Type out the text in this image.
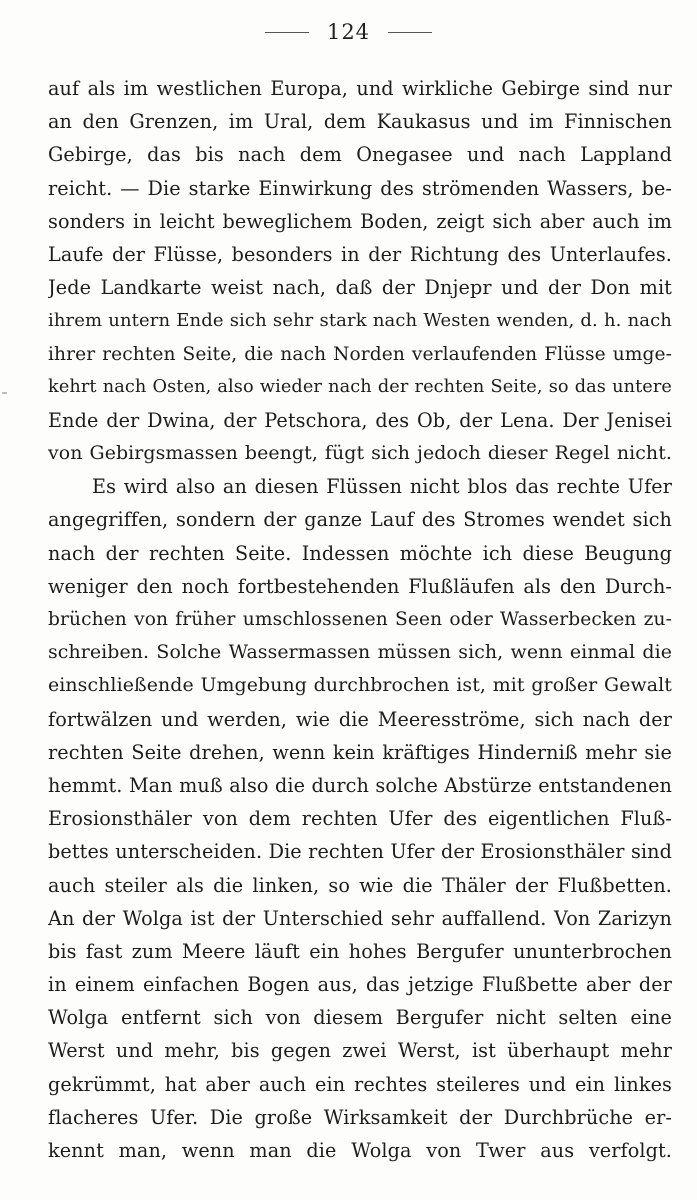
124
auf als im westlichen Europa, und wirkliche Gebirge sind nur
an den Grenzen, im Ural, dem Kaukasus und im Finnischen
Gebirge, das bis nach dem Onegasee und nach Lappland
reicht. — Die starke Einwirkung des strömenden Wassers, be-
sonders in leicht beweglichem Boden, zeigt sich aber auch im
Laufe der Flüsse, besonders in der Richtung des Unterlaufes.
Jede Landkarte weist nach, daß der Dnjepr und der Don mit
ihrem untern Ende sich sehr stark nach Westen wenden, d. h. nach
ihrer rechten Seite, die nach Norden verlaufenden Flüsse umge-
kehrt nach Osten, also wieder nach der rechten Seite, so das untere
Ende der Dwina, der Petschora, des Ob, der Lena. Der Jenisei
von Gebirgsmassen beengt, fügt sich jedoch dieser Regel nicht.
Es wird also an diesen Flüssen nicht blos das rechte Ufer
angegriffen, sondern der ganze Lauf des Stromes wendet sich
nach der rechten Seite. Indessen möchte ich diese Beugung
weniger den noch fortbestehenden Flußläufen als den Durch-
brüchen von früher umschlossenen Seen oder Wasserbecken zu-
schreiben. Solche Wassermassen müssen sich, wenn einmal die
einschließende Umgebung durchbrochen ist, mit großer Gewalt
fortwälzen und werden, wie die Meeresströme, sich nach der
rechten Seite drehen, wenn kein kräftiges Hinderniß mehr sie
hemmt. Man muß also die durch solche Abstürze entstandenen
Erosionsthäler von dem rechten Ufer des eigentlichen Fluß-
bettes unterscheiden. Die rechten Ufer der Erosionsthäler sind
auch steiler als die linken, so wie die Thäler der Flußbetten.
An der Wolga ist der Unterschied sehr auffallend. Von Zarizyn
bis fast zum Meere läuft ein hohes Bergufer ununterbrochen
in einem einfachen Bogen aus, das jetzige Flußbette aber der
Wolga entfernt sich von diesem Bergufer nicht selten eine
Werst und mehr, bis gegen zwei Werst, ist überhaupt mehr
gekrümmt, hat aber auch ein rechtes steileres und ein linkes
flacheres Ufer. Die große Wirksamkeit der Durchbrüche er-
kennt man, wenn man die Wolga von Twer aus verfolgt.
